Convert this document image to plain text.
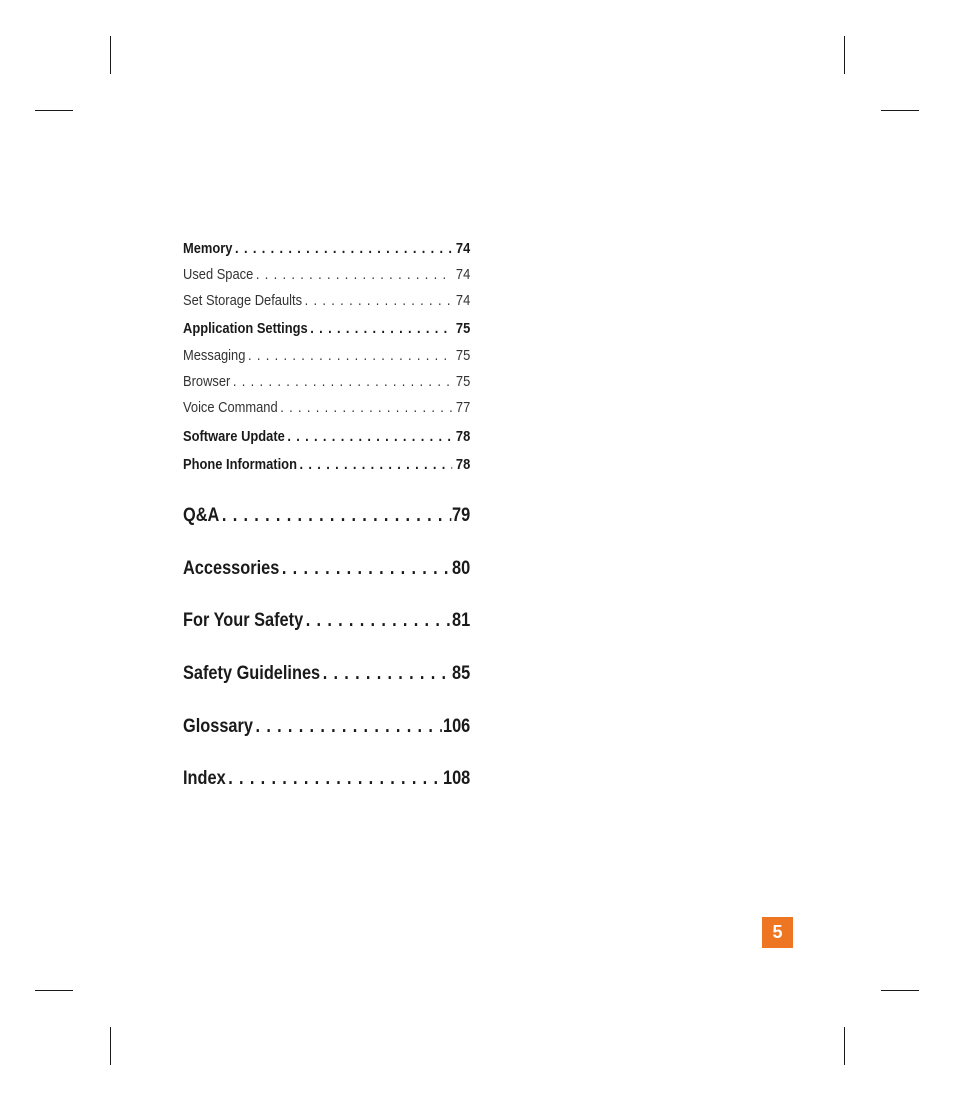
Memory . . .	74
Used Space . . .	74
Set Storage Defaults . . .	74
Application Settings . . .	75
Messaging . . .	75
Browser . . .	75
Voice Command . . .	77
Software Update . . .	78
Phone Information . . .	78
Q&A . . .	79
Accessories . . .	80
For Your Safety . . .	81
Safety Guidelines . . .	85
Glossary . . .	106
Index . . .	108
5
